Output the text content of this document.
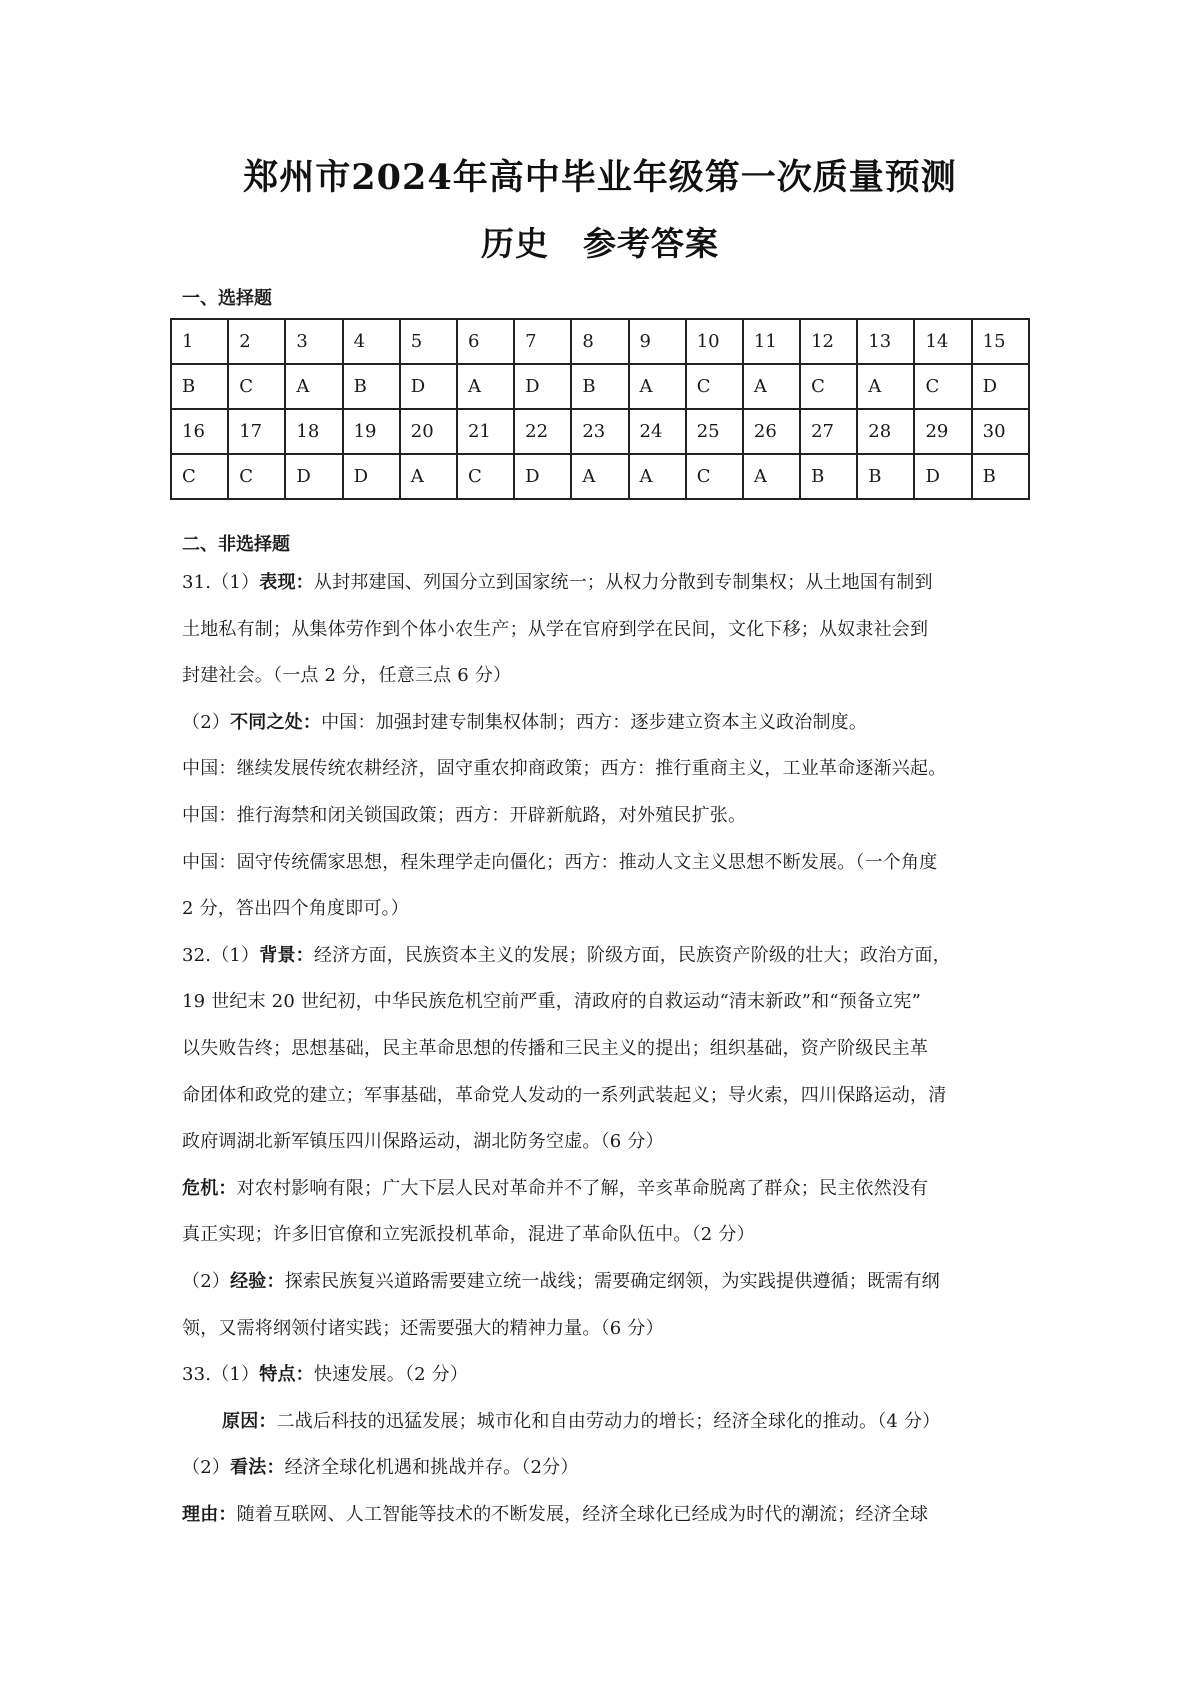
郑州市2024年高中毕业年级第一次质量预测
历史　参考答案
一、选择题
1	2	3	4	5	6	7	8	9	10	11	12	13	14	15
B	C	A	B	D	A	D	B	A	C	A	C	A	C	D
16	17	18	19	20	21	22	23	24	25	26	27	28	29	30
C	C	D	D	A	C	D	A	A	C	A	B	B	D	B
二、非选择题
31.（1）表现：从封邦建国、列国分立到国家统一；从权力分散到专制集权；从土地国有制到
土地私有制；从集体劳作到个体小农生产；从学在官府到学在民间，文化下移；从奴隶社会到
封建社会。（一点 2 分，任意三点 6 分）
（2）不同之处：中国：加强封建专制集权体制；西方：逐步建立资本主义政治制度。
中国：继续发展传统农耕经济，固守重农抑商政策；西方：推行重商主义，工业革命逐渐兴起。
中国：推行海禁和闭关锁国政策；西方：开辟新航路，对外殖民扩张。
中国：固守传统儒家思想，程朱理学走向僵化；西方：推动人文主义思想不断发展。（一个角度
2 分，答出四个角度即可。）
32.（1）背景：经济方面，民族资本主义的发展；阶级方面，民族资产阶级的壮大；政治方面，
19 世纪末 20 世纪初，中华民族危机空前严重，清政府的自救运动“清末新政”和“预备立宪”
以失败告终；思想基础，民主革命思想的传播和三民主义的提出；组织基础，资产阶级民主革
命团体和政党的建立；军事基础，革命党人发动的一系列武装起义；导火索，四川保路运动，清
政府调湖北新军镇压四川保路运动，湖北防务空虚。（6 分）
危机：对农村影响有限；广大下层人民对革命并不了解，辛亥革命脱离了群众；民主依然没有
真正实现；许多旧官僚和立宪派投机革命，混进了革命队伍中。（2 分）
（2）经验：探索民族复兴道路需要建立统一战线；需要确定纲领，为实践提供遵循；既需有纲
领，又需将纲领付诸实践；还需要强大的精神力量。（6 分）
33.（1）特点：快速发展。（2 分）
原因：二战后科技的迅猛发展；城市化和自由劳动力的增长；经济全球化的推动。（4 分）
（2）看法：经济全球化机遇和挑战并存。（2分）
理由：随着互联网、人工智能等技术的不断发展，经济全球化已经成为时代的潮流；经济全球
